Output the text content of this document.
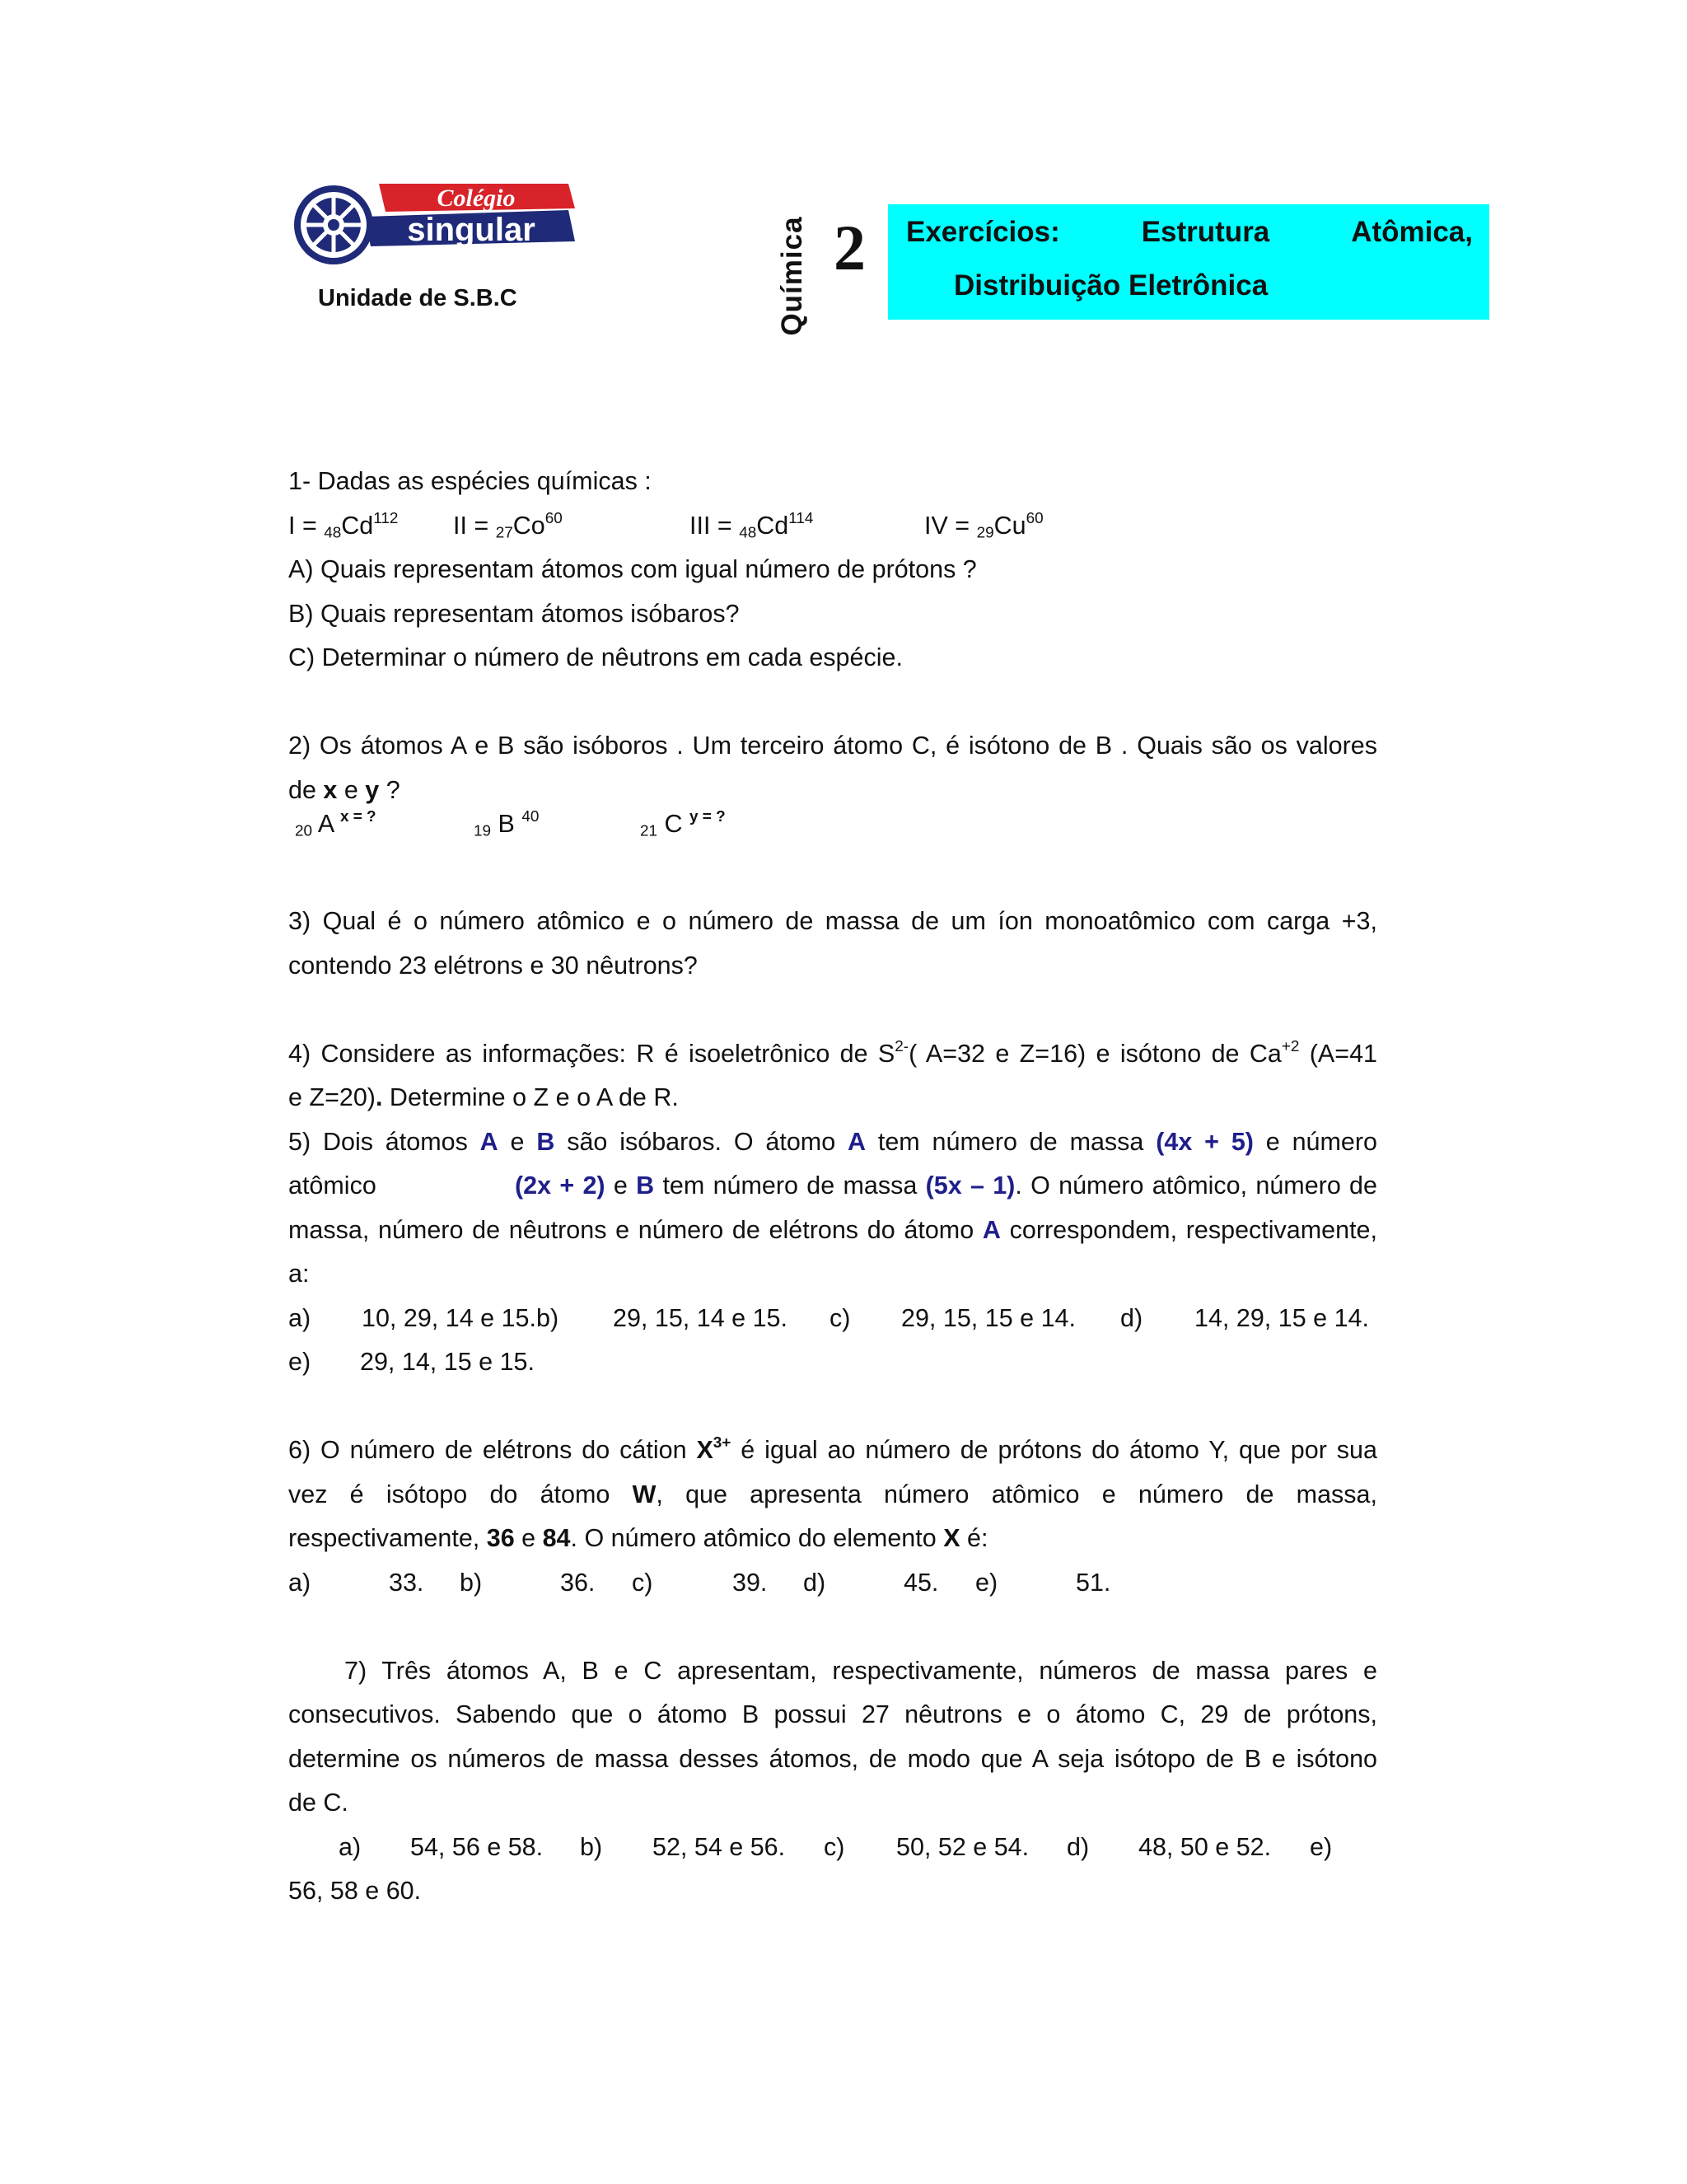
Colégio
singular
Unidade de S.B.C	Química 2 Exercícios:	Estrutura	Atômica,
Distribuição Eletrônica

1- Dadas as espécies químicas :

$I = _{48}Cd^{112}$ II = $_{27}Co^{60}$	III = $_{48}Cd^{114}$	IV = $_{29}Cu^{60}$

A) Quais representam átomos com igual número de prótons ?

B) Quais representam átomos isóbaros?

C) Determinar o número de nêutrons em cada espécie.

2) Os átomos A e B são isóboros . Um terceiro átomo C, é isótono de B . Quais são os valores

de x e y ?

$_{20}$ A $^{x = ?}$
$_{19}$ B $^{40}$
$_{21}$ C $^{y = ?}$

3) Qual é o número atômico e o número de massa de um íon monoatômico com carga +3,

contendo 23 elétrons e 30 nêutrons?

4) Considere as informações: R é isoeletrônico de $S^{2-}$( A=32 e Z=16) e isótono de $Ca^{+2}$ (A=41

e Z=20). Determine o Z e o A de R.

5) Dois átomos A e B são isóbaros. O átomo A tem número de massa (4x + 5) e número

atômico	(2x + 2) e B tem número de massa (5x – 1). O número atômico, número de

massa, número de nêutrons e número de elétrons do átomo A correspondem, respectivamente,

a:

a) 10, 29, 14 e 15.b) 29, 15, 14 e 15. c) 29, 15, 15 e 14. d) 14, 29, 15 e 14.
e) 29, 14, 15 e 15.

6) O número de elétrons do cátion $X^{3+}$ é igual ao número de prótons do átomo Y, que por sua

vez é isótopo do átomo W, que apresenta número atômico e número de massa,

respectivamente, 36 e 84. O número atômico do elemento X é:

a)	33. b)	36. c)	39. d)	45. e)	51.

7) Três átomos A, B e C apresentam, respectivamente, números de massa pares e

consecutivos. Sabendo que o átomo B possui 27 nêutrons e o átomo C, 29 de prótons,

determine os números de massa desses átomos, de modo que A seja isótopo de B e isótono

de C.

a) 54, 56 e 58. b) 52, 54 e 56. c) 50, 52 e 54. d) 48, 50 e 52. e)

56, 58 e 60.
